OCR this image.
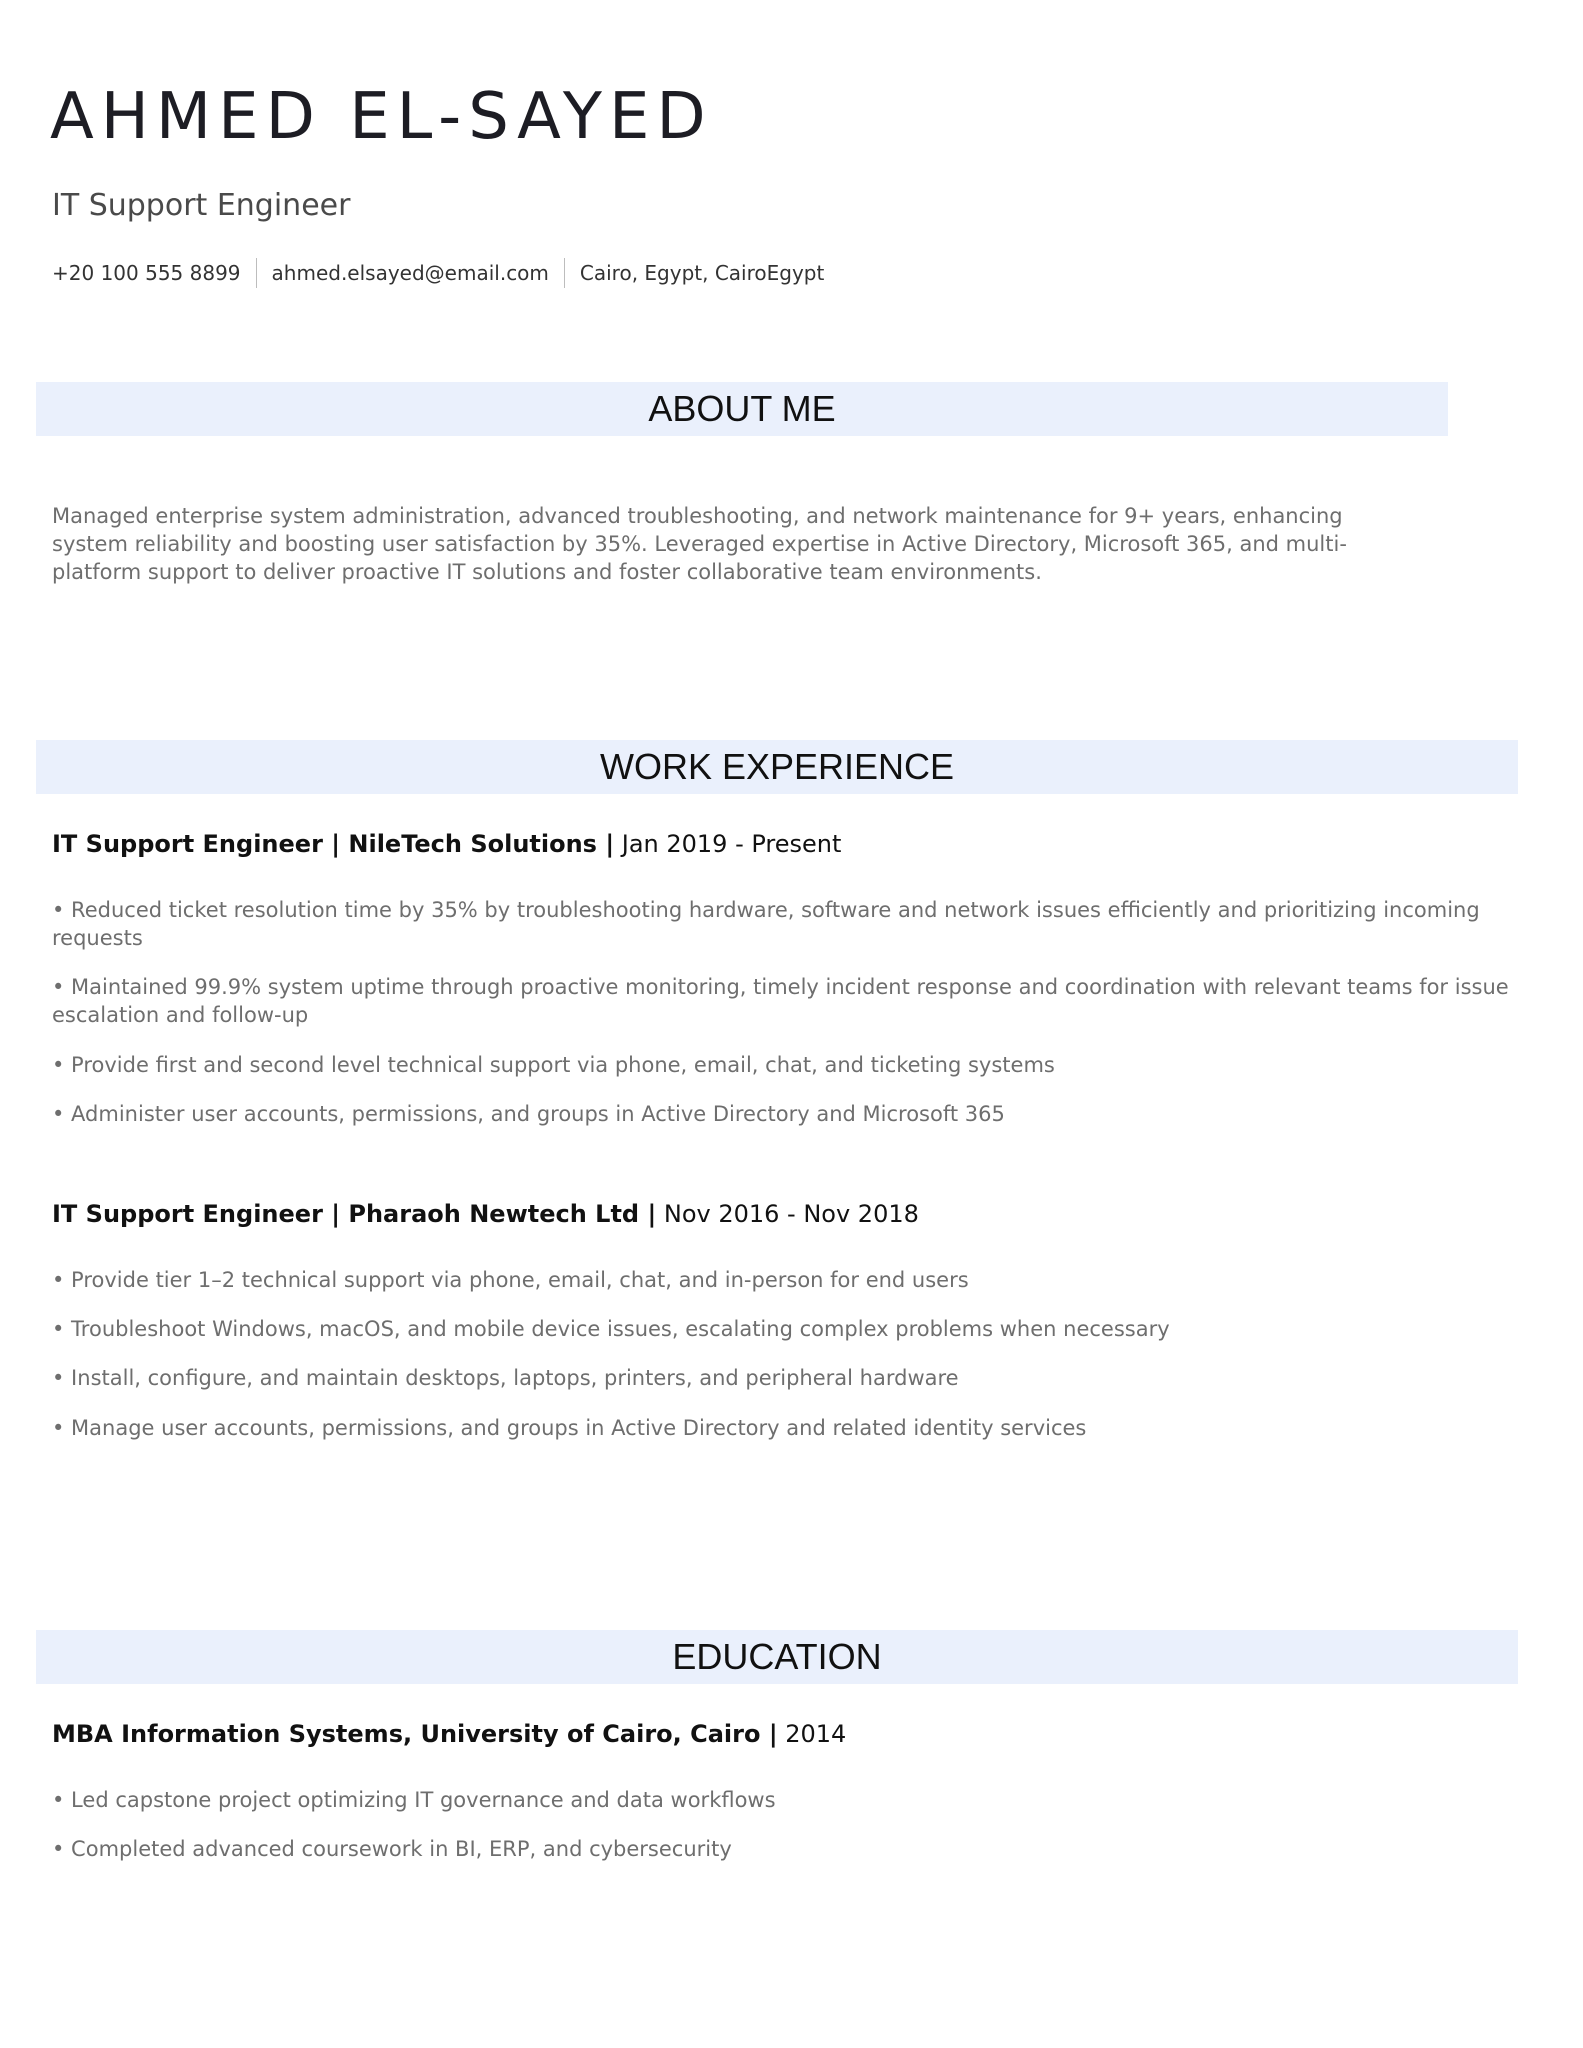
AHMED EL-SAYED
IT Support Engineer
+20 100 555 8899 ahmed.elsayed@email.com Cairo, Egypt, CairoEgypt
ABOUT ME
Managed enterprise system administration, advanced troubleshooting, and network maintenance for 9+ years, enhancing system reliability and boosting user satisfaction by 35%. Leveraged expertise in Active Directory, Microsoft 365, and multi-platform support to deliver proactive IT solutions and foster collaborative team environments.
WORK EXPERIENCE
IT Support Engineer | NileTech Solutions | Jan 2019 - Present
• Reduced ticket resolution time by 35% by troubleshooting hardware, software and network issues efficiently and prioritizing incoming requests
• Maintained 99.9% system uptime through proactive monitoring, timely incident response and coordination with relevant teams for issue escalation and follow-up
• Provide first and second level technical support via phone, email, chat, and ticketing systems
• Administer user accounts, permissions, and groups in Active Directory and Microsoft 365
IT Support Engineer | Pharaoh Newtech Ltd | Nov 2016 - Nov 2018
• Provide tier 1–2 technical support via phone, email, chat, and in-person for end users
• Troubleshoot Windows, macOS, and mobile device issues, escalating complex problems when necessary
• Install, configure, and maintain desktops, laptops, printers, and peripheral hardware
• Manage user accounts, permissions, and groups in Active Directory and related identity services
EDUCATION
MBA Information Systems, University of Cairo, Cairo | 2014
• Led capstone project optimizing IT governance and data workflows
• Completed advanced coursework in BI, ERP, and cybersecurity
